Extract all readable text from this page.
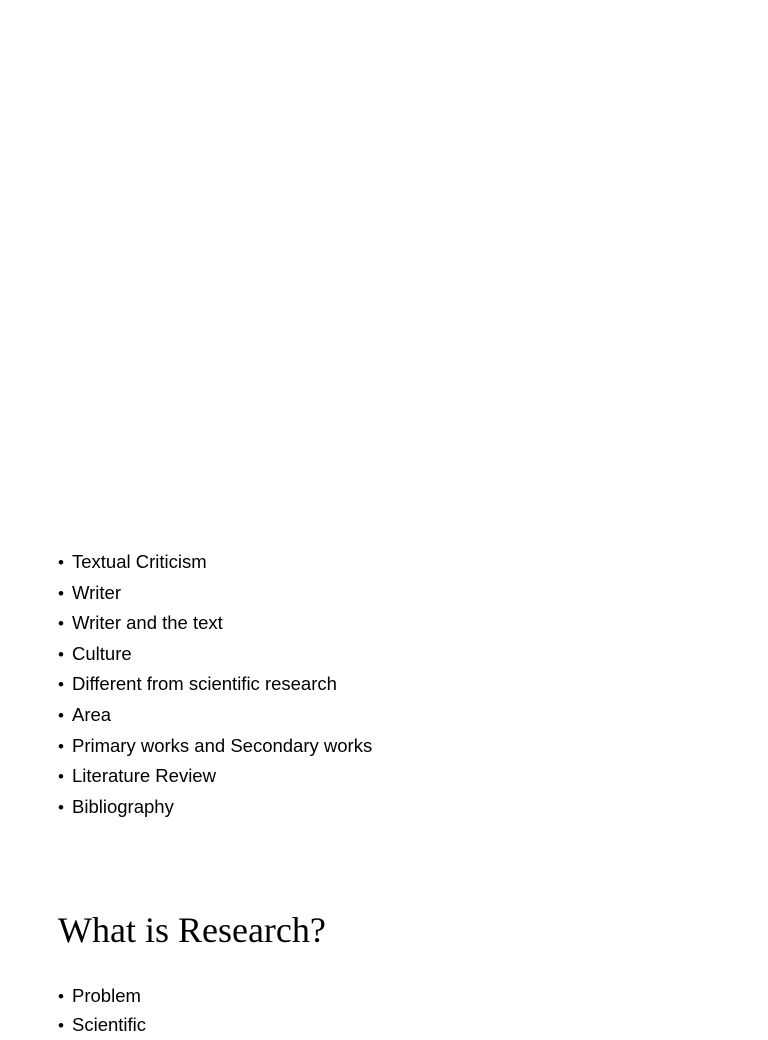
• Textual Criticism
• Writer
• Writer and the text
• Culture
• Different from scientific research
• Area
• Primary works and Secondary works
• Literature Review
• Bibliography
What is Research?
• Problem
• Scientific
